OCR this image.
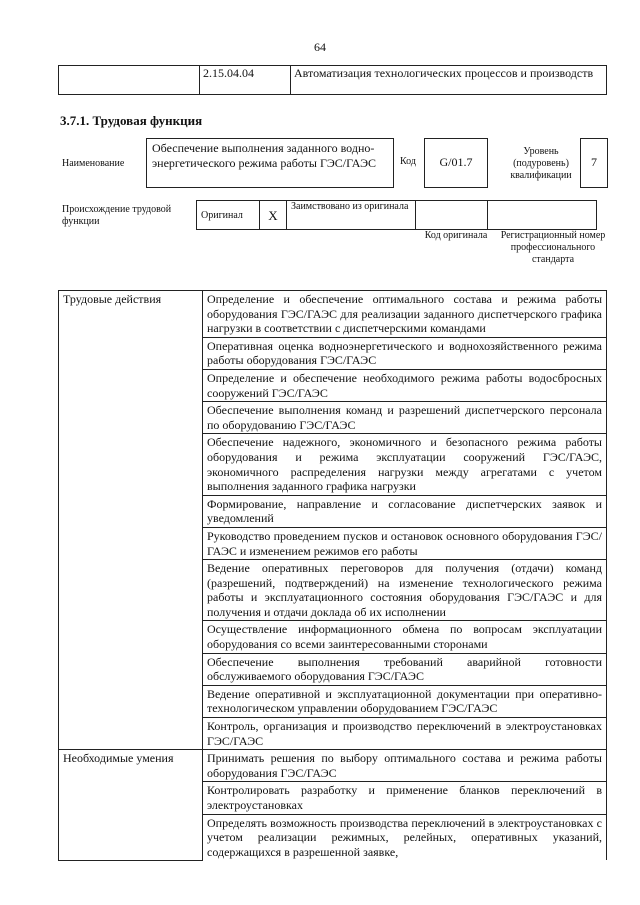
64
	2.15.04.04	Автоматизация технологических процессов и производств
3.7.1. Трудовая функция
Наименование
Обеспечение выполнения заданного водно-энергетического режима работы ГЭС/ГАЭС	Код	G/01.7
Уровень (подуровень) квалификации
7
Происхождение трудовой функции
Оригинал	X	Заимствовано из оригинала		
Код оригинала Регистрационный номер профессионального стандарта
Трудовые действия	Определение и обеспечение оптимального состава и режима работы оборудования ГЭС/ГАЭС для реализации заданного диспетчерского графика нагрузки в соответствии с диспетчерскими командами
	Оперативная оценка водноэнергетического и воднохозяйственного режима работы оборудования ГЭС/ГАЭС
	Определение и обеспечение необходимого режима работы водосбросных сооружений ГЭС/ГАЭС
	Обеспечение выполнения команд и разрешений диспетчерского персонала по оборудованию ГЭС/ГАЭС
	Обеспечение надежного, экономичного и безопасного режима работы оборудования и режима эксплуатации сооружений ГЭС/ГАЭС, экономичного распределения нагрузки между агрегатами с учетом выполнения заданного графика нагрузки
	Формирование, направление и согласование диспетчерских заявок и уведомлений
	Руководство проведением пусков и остановок основного оборудования ГЭС/ГАЭС и изменением режимов его работы
	Ведение оперативных переговоров для получения (отдачи) команд (разрешений, подтверждений) на изменение технологического режима работы и эксплуатационного состояния оборудования ГЭС/ГАЭС и для получения и отдачи доклада об их исполнении
	Осуществление информационного обмена по вопросам эксплуатации оборудования со всеми заинтересованными сторонами
	Обеспечение выполнения требований аварийной готовности обслуживаемого оборудования ГЭС/ГАЭС
	Ведение оперативной и эксплуатационной документации при оперативно-технологическом управлении оборудованием ГЭС/ГАЭС
	Контроль, организация и производство переключений в электроустановках ГЭС/ГАЭС
Необходимые умения	Принимать решения по выбору оптимального состава и режима работы оборудования ГЭС/ГАЭС
	Контролировать разработку и применение бланков переключений в электроустановках
	Определять возможность производства переключений в электроустановках с учетом реализации режимных, релейных, оперативных указаний, содержащихся в разрешенной заявке,
